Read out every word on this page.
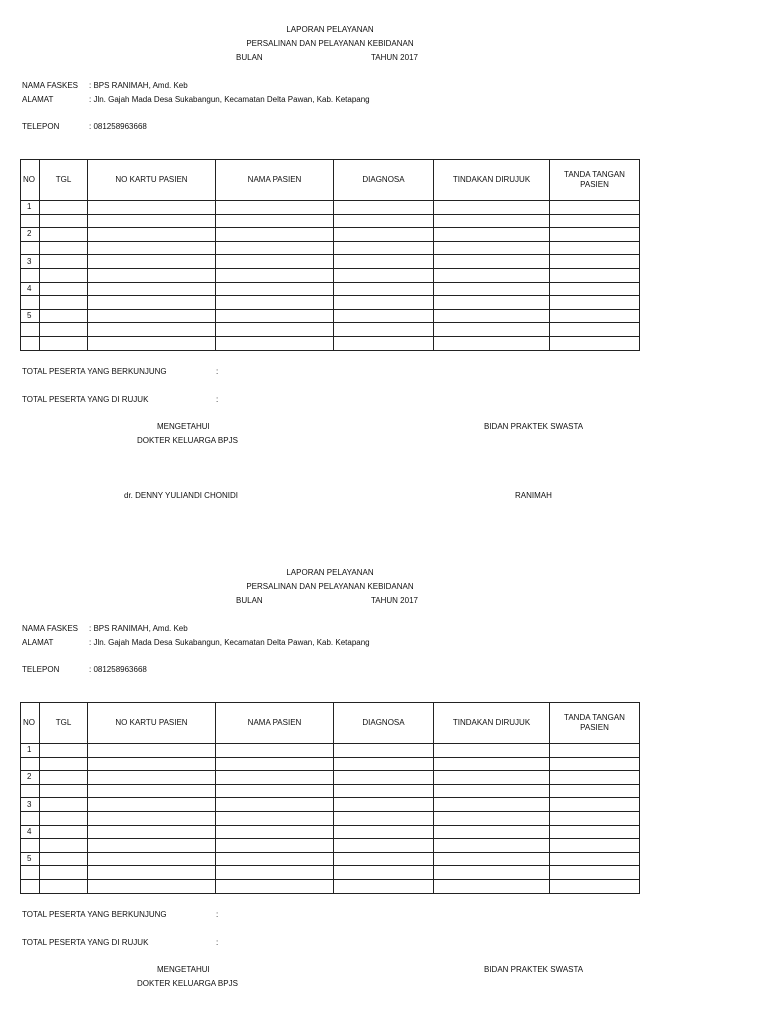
LAPORAN PELAYANAN
PERSALINAN DAN PELAYANAN KEBIDANAN
BULAN	TAHUN 2017
NAMA FASKES : BPS RANIMAH, Amd. Keb
ALAMAT	: Jln. Gajah Mada Desa Sukabangun, Kecamatan Delta Pawan, Kab. Ketapang
TELEPON	: 081258963668
NO	TGL	NO KARTU PASIEN	NAMA PASIEN	DIAGNOSA	TINDAKAN DIRUJUK	TANDA TANGAN PASIEN
1						

2						

3						

4						

5						

TOTAL PESERTA YANG BERKUNJUNG	:
TOTAL PESERTA YANG DI RUJUK	:
MENGETAHUI
DOKTER KELUARGA BPJS
BIDAN PRAKTEK SWASTA
dr. DENNY YULIANDI CHONIDI	RANIMAH
LAPORAN PELAYANAN
PERSALINAN DAN PELAYANAN KEBIDANAN
BULAN	TAHUN 2017
NAMA FASKES : BPS RANIMAH, Amd. Keb
ALAMAT	: Jln. Gajah Mada Desa Sukabangun, Kecamatan Delta Pawan, Kab. Ketapang
TELEPON	: 081258963668
NO	TGL	NO KARTU PASIEN	NAMA PASIEN	DIAGNOSA	TINDAKAN DIRUJUK	TANDA TANGAN PASIEN
1						

2						

3						

4						

5						

TOTAL PESERTA YANG BERKUNJUNG	:
TOTAL PESERTA YANG DI RUJUK	:
MENGETAHUI
DOKTER KELUARGA BPJS
BIDAN PRAKTEK SWASTA
